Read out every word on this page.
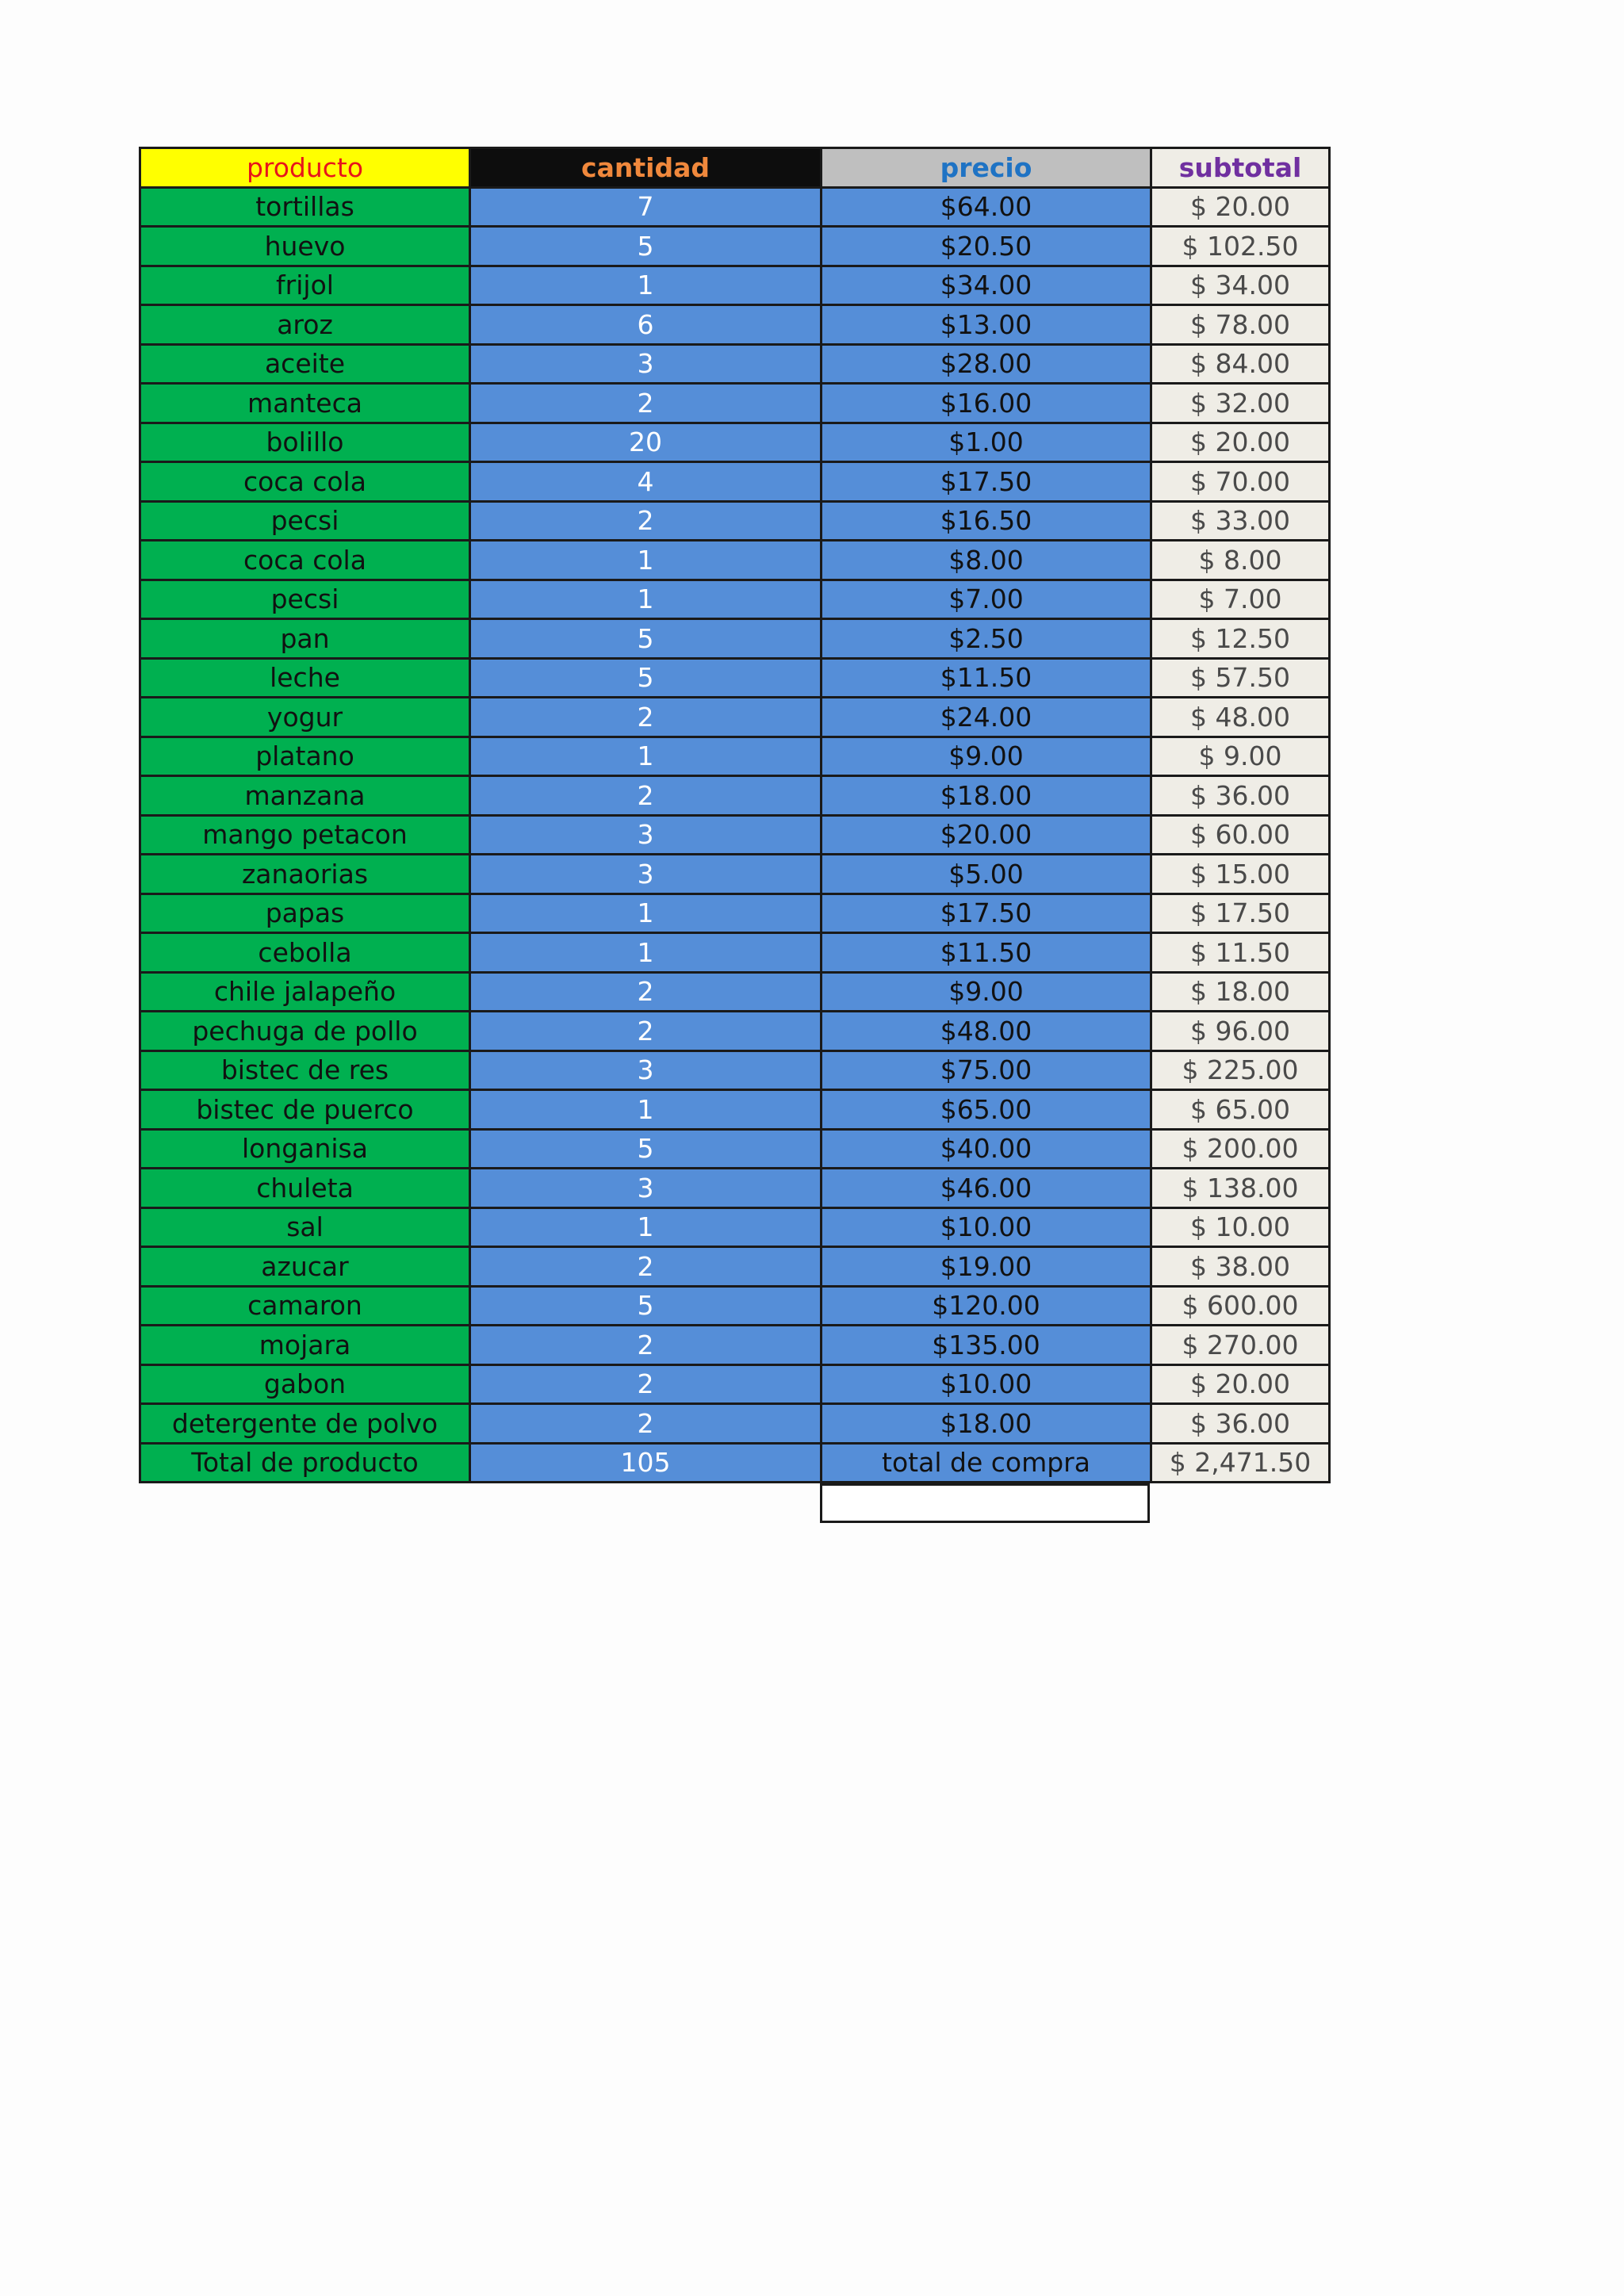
producto	cantidad	precio	subtotal
tortillas	7	$64.00	$ 20.00
huevo	5	$20.50	$ 102.50
frijol	1	$34.00	$ 34.00
aroz	6	$13.00	$ 78.00
aceite	3	$28.00	$ 84.00
manteca	2	$16.00	$ 32.00
bolillo	20	$1.00	$ 20.00
coca cola	4	$17.50	$ 70.00
pecsi	2	$16.50	$ 33.00
coca cola	1	$8.00	$ 8.00
pecsi	1	$7.00	$ 7.00
pan	5	$2.50	$ 12.50
leche	5	$11.50	$ 57.50
yogur	2	$24.00	$ 48.00
platano	1	$9.00	$ 9.00
manzana	2	$18.00	$ 36.00
mango petacon	3	$20.00	$ 60.00
zanaorias	3	$5.00	$ 15.00
papas	1	$17.50	$ 17.50
cebolla	1	$11.50	$ 11.50
chile jalapeño	2	$9.00	$ 18.00
pechuga de pollo	2	$48.00	$ 96.00
bistec de res	3	$75.00	$ 225.00
bistec de puerco	1	$65.00	$ 65.00
longanisa	5	$40.00	$ 200.00
chuleta	3	$46.00	$ 138.00
sal	1	$10.00	$ 10.00
azucar	2	$19.00	$ 38.00
camaron	5	$120.00	$ 600.00
mojara	2	$135.00	$ 270.00
gabon	2	$10.00	$ 20.00
detergente de polvo	2	$18.00	$ 36.00
Total de producto	105	total de compra	$ 2,471.50
